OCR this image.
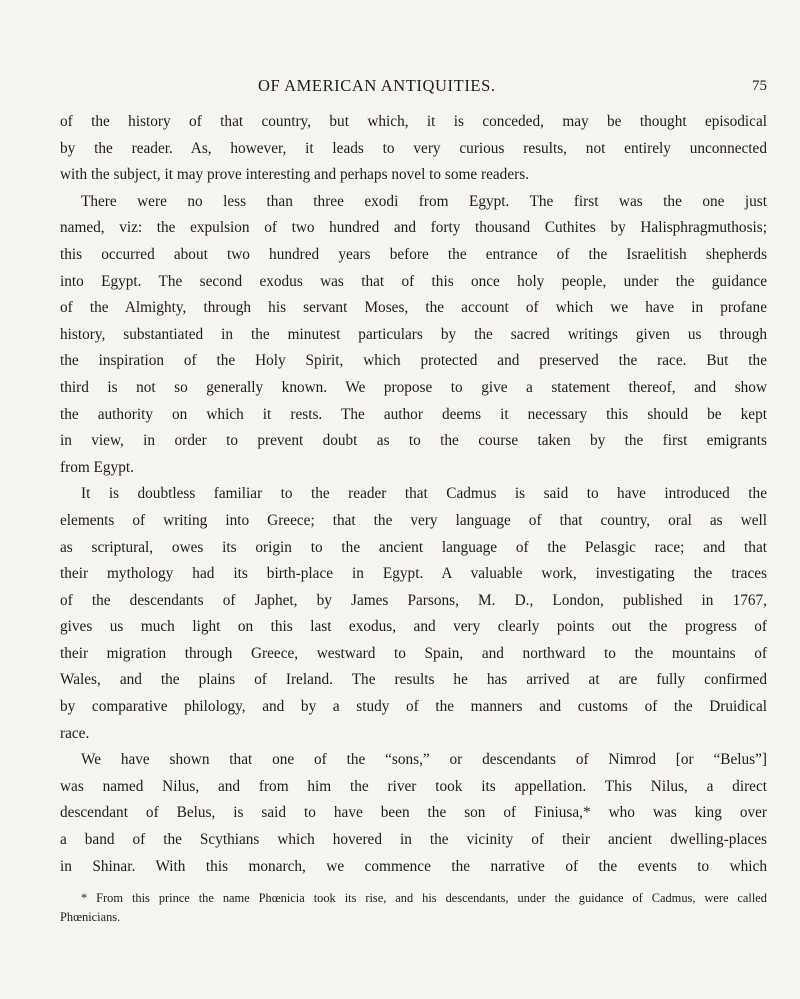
OF AMERICAN ANTIQUITIES.	75
of the history of that country, but which, it is conceded, may be thought episodical
by the reader. As, however, it leads to very curious results, not entirely unconnected
with the subject, it may prove interesting and perhaps novel to some readers.
There were no less than three exodi from Egypt. The first was the one just
named, viz: the expulsion of two hundred and forty thousand Cuthites by Halisphragmuthosis;
this occurred about two hundred years before the entrance of the Israelitish shepherds
into Egypt. The second exodus was that of this once holy people, under the guidance
of the Almighty, through his servant Moses, the account of which we have in profane
history, substantiated in the minutest particulars by the sacred writings given us through
the inspiration of the Holy Spirit, which protected and preserved the race. But the
third is not so generally known. We propose to give a statement thereof, and show
the authority on which it rests. The author deems it necessary this should be kept
in view, in order to prevent doubt as to the course taken by the first emigrants
from Egypt.
It is doubtless familiar to the reader that Cadmus is said to have introduced the
elements of writing into Greece; that the very language of that country, oral as well
as scriptural, owes its origin to the ancient language of the Pelasgic race; and that
their mythology had its birth-place in Egypt. A valuable work, investigating the traces
of the descendants of Japhet, by James Parsons, M. D., London, published in 1767,
gives us much light on this last exodus, and very clearly points out the progress of
their migration through Greece, westward to Spain, and northward to the mountains of
Wales, and the plains of Ireland. The results he has arrived at are fully confirmed
by comparative philology, and by a study of the manners and customs of the Druidical
race.
We have shown that one of the “sons,” or descendants of Nimrod [or “Belus”]
was named Nilus, and from him the river took its appellation. This Nilus, a direct
descendant of Belus, is said to have been the son of Finiusa,* who was king over
a band of the Scythians which hovered in the vicinity of their ancient dwelling-places
in Shinar. With this monarch, we commence the narrative of the events to which
* From this prince the name Phœnicia took its rise, and his descendants, under the guidance of Cadmus, were called
Phœnicians.
